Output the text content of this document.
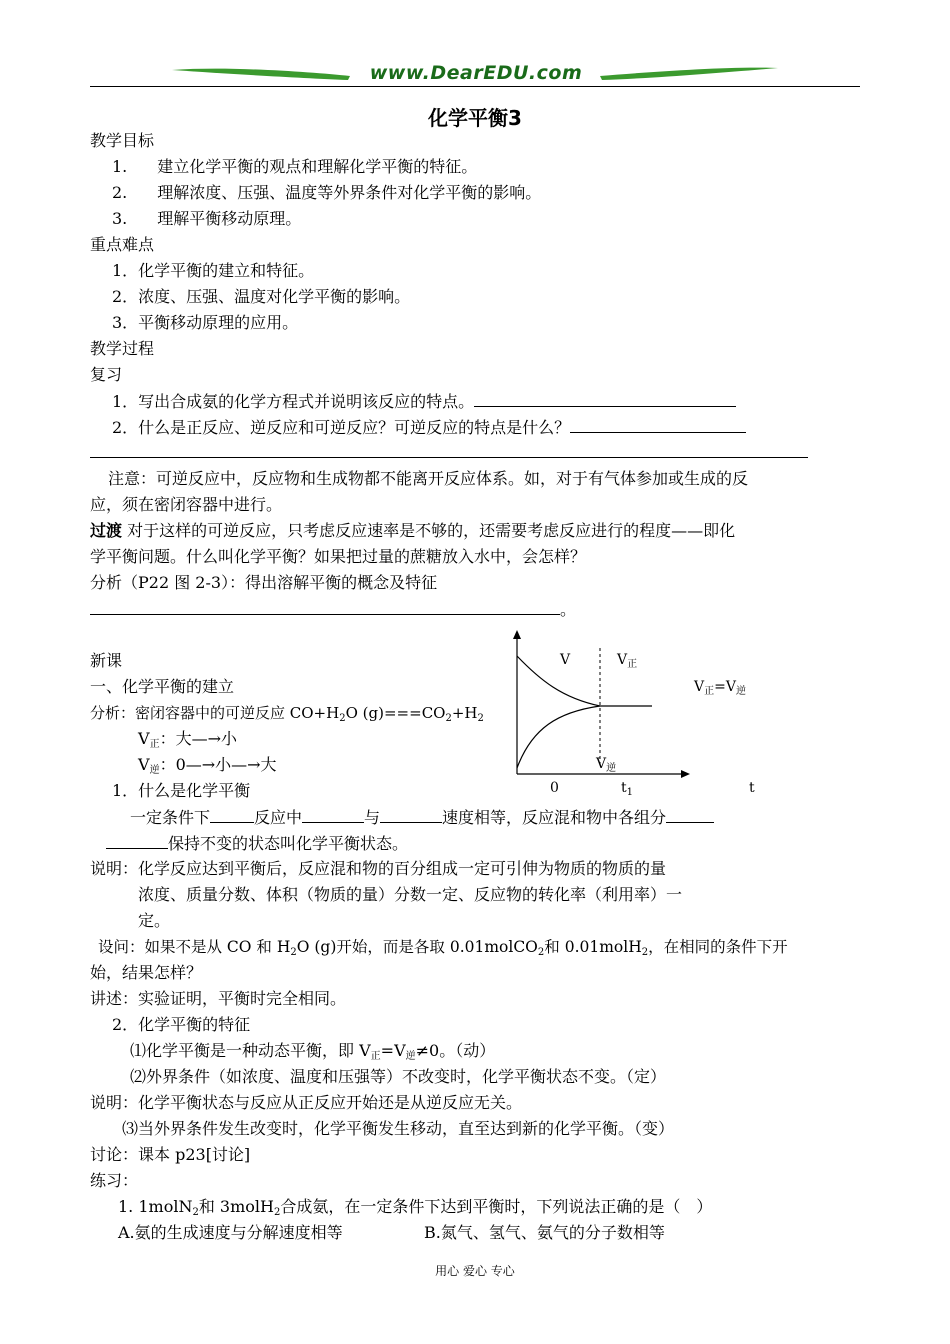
www.DearEDU.com
化学平衡3
教学目标
1. 建立化学平衡的观点和理解化学平衡的特征。
2. 理解浓度、压强、温度等外界条件对化学平衡的影响。
3. 理解平衡移动原理。
重点难点
1．化学平衡的建立和特征。
2．浓度、压强、温度对化学平衡的影响。
3．平衡移动原理的应用。
教学过程
复习
1．写出合成氨的化学方程式并说明该反应的特点。
2．什么是正反应、逆反应和可逆反应？可逆反应的特点是什么？
注意：可逆反应中，反应物和生成物都不能离开反应体系。如，对于有气体参加或生成的反
应，须在密闭容器中进行。
过渡 对于这样的可逆反应，只考虑反应速率是不够的，还需要考虑反应进行的程度——即化
学平衡问题。什么叫化学平衡？如果把过量的蔗糖放入水中，会怎样？
分析（P22 图 2-3）：得出溶解平衡的概念及特征
。
V	$V_正$
$V_正=V_逆$
$V_逆$
0	$t_1$	t
新课
一、化学平衡的建立
分析：密闭容器中的可逆反应 $CO+H_2O$ $(g)===CO_2+H_2$
$V_正$：大—→小
$V_逆$：0—→小—→大
1．什么是化学平衡
一定条件下	反应中	与	速度相等，反应混和物中各组分
保持不变的状态叫化学平衡状态。
说明：化学反应达到平衡后，反应混和物的百分组成一定可引伸为物质的物质的量
浓度、质量分数、体积（物质的量）分数一定、反应物的转化率（利用率）一
定。
设问：如果不是从 CO 和 $H_2O$ (g)开始，而是各取 0.01molCO$_2$和 0.01molH$_2$，在相同的条件下开
始，结果怎样？
讲述：实验证明，平衡时完全相同。
2．化学平衡的特征
⑴化学平衡是一种动态平衡，即 $V_正=V_逆\ne 0$。（动）
⑵外界条件（如浓度、温度和压强等）不改变时，化学平衡状态不变。（定）
说明：化学平衡状态与反应从正反应开始还是从逆反应无关。
⑶当外界条件发生改变时，化学平衡发生移动，直至达到新的化学平衡。（变）
讨论：课本 p23[讨论]
练习：
1. 1molN$_2$和 3molH$_2$合成氨，在一定条件下达到平衡时，下列说法正确的是（　）
A.氨的生成速度与分解速度相等	B.氮气、氢气、氨气的分子数相等
用心 爱心 专心
